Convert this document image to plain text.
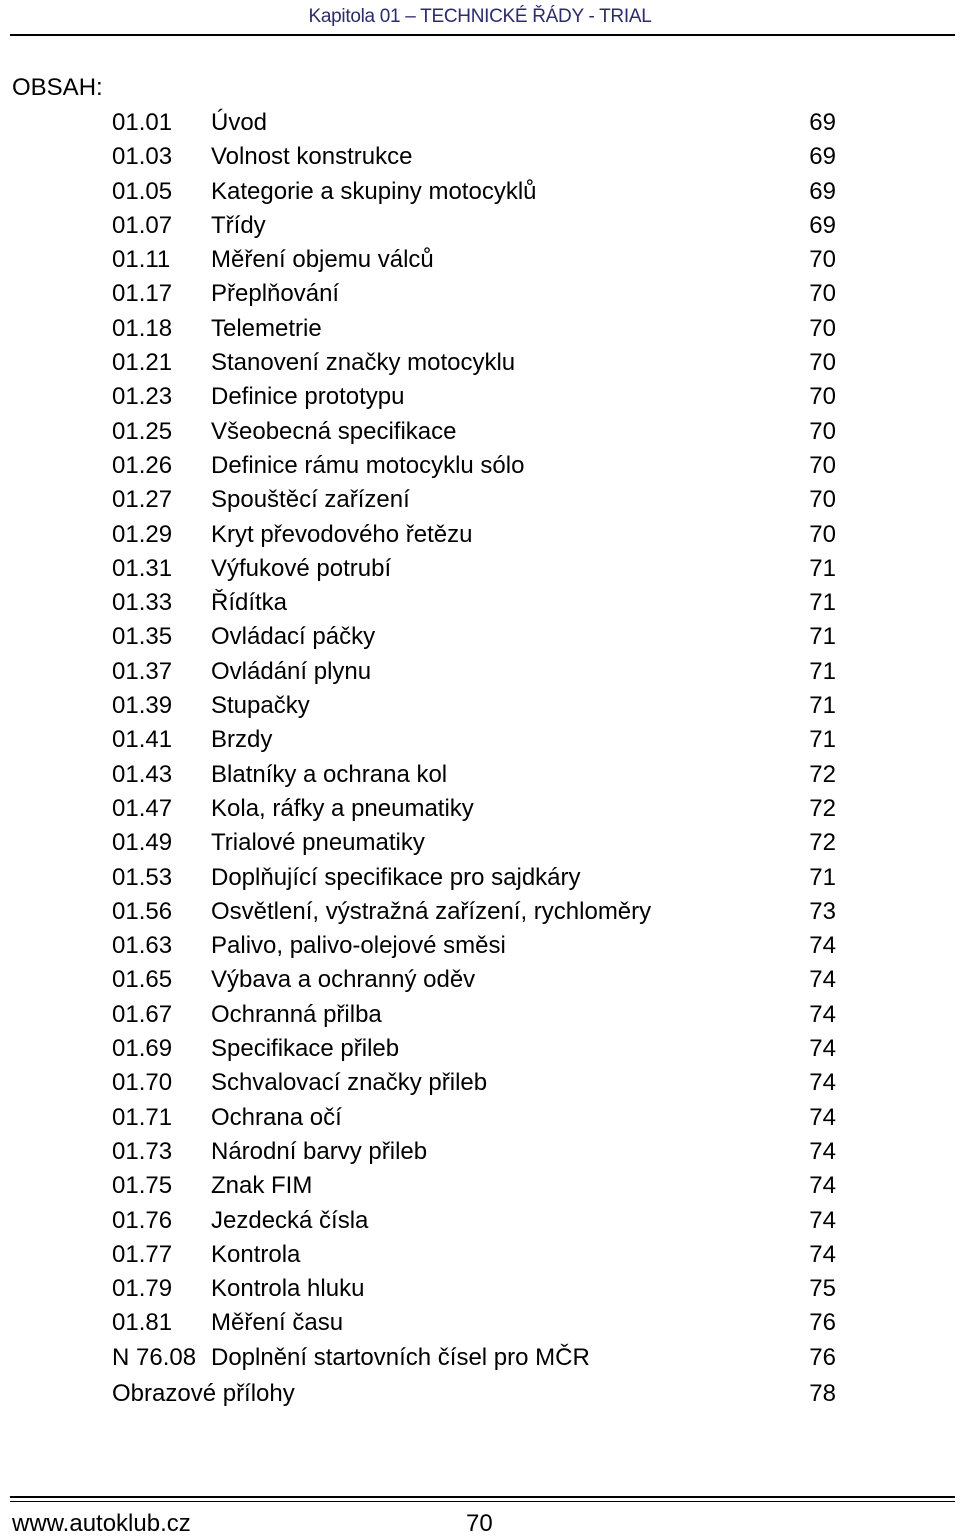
Kapitola 01 – TECHNICKÉ ŘÁDY - TRIAL
OBSAH:
01.01 Úvod	69
01.03 Volnost konstrukce	69
01.05 Kategorie a skupiny motocyklů	69
01.07 Třídy	69
01.11 Měření objemu válců	70
01.17 Přeplňování	70
01.18 Telemetrie	70
01.21 Stanovení značky motocyklu	70
01.23 Definice prototypu	70
01.25 Všeobecná specifikace	70
01.26 Definice rámu motocyklu sólo	70
01.27 Spouštěcí zařízení	70
01.29 Kryt převodového řetězu	70
01.31 Výfukové potrubí	71
01.33 Řídítka	71
01.35 Ovládací páčky	71
01.37 Ovládání plynu	71
01.39 Stupačky	71
01.41 Brzdy	71
01.43 Blatníky a ochrana kol	72
01.47 Kola, ráfky a pneumatiky	72
01.49 Trialové pneumatiky	72
01.53 Doplňující specifikace pro sajdkáry	71
01.56 Osvětlení, výstražná zařízení, rychloměry	73
01.63 Palivo, palivo-olejové směsi	74
01.65 Výbava a ochranný oděv	74
01.67 Ochranná přilba	74
01.69 Specifikace přileb	74
01.70 Schvalovací značky přileb	74
01.71 Ochrana očí	74
01.73 Národní barvy přileb	74
01.75 Znak FIM	74
01.76 Jezdecká čísla	74
01.77 Kontrola	74
01.79 Kontrola hluku	75
01.81 Měření času	76
N 76.08 Doplnění startovních čísel pro MČR	76
Obrazové přílohy	78
www.autoklub.cz	70
